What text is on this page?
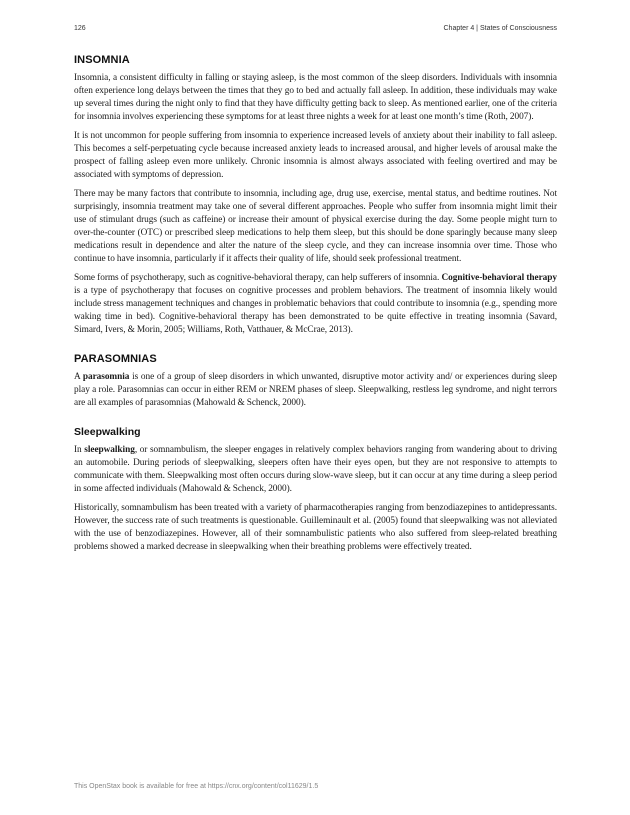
126	Chapter 4 | States of Consciousness
INSOMNIA

Insomnia, a consistent difficulty in falling or staying asleep, is the most common of the sleep disorders. Individuals with insomnia often experience long delays between the times that they go to bed and actually fall asleep. In addition, these individuals may wake up several times during the night only to find that they have difficulty getting back to sleep. As mentioned earlier, one of the criteria for insomnia involves experiencing these symptoms for at least three nights a week for at least one month’s time (Roth, 2007).

It is not uncommon for people suffering from insomnia to experience increased levels of anxiety about their inability to fall asleep. This becomes a self-perpetuating cycle because increased anxiety leads to increased arousal, and higher levels of arousal make the prospect of falling asleep even more unlikely. Chronic insomnia is almost always associated with feeling overtired and may be associated with symptoms of depression.

There may be many factors that contribute to insomnia, including age, drug use, exercise, mental status, and bedtime routines. Not surprisingly, insomnia treatment may take one of several different approaches. People who suffer from insomnia might limit their use of stimulant drugs (such as caffeine) or increase their amount of physical exercise during the day. Some people might turn to over-the-counter (OTC) or prescribed sleep medications to help them sleep, but this should be done sparingly because many sleep medications result in dependence and alter the nature of the sleep cycle, and they can increase insomnia over time. Those who continue to have insomnia, particularly if it affects their quality of life, should seek professional treatment.

Some forms of psychotherapy, such as cognitive-behavioral therapy, can help sufferers of insomnia. Cognitive-behavioral therapy is a type of psychotherapy that focuses on cognitive processes and problem behaviors. The treatment of insomnia likely would include stress management techniques and changes in problematic behaviors that could contribute to insomnia (e.g., spending more waking time in bed). Cognitive-behavioral therapy has been demonstrated to be quite effective in treating insomnia (Savard, Simard, Ivers, & Morin, 2005; Williams, Roth, Vatthauer, & McCrae, 2013).

PARASOMNIAS

A parasomnia is one of a group of sleep disorders in which unwanted, disruptive motor activity and/ or experiences during sleep play a role. Parasomnias can occur in either REM or NREM phases of sleep. Sleepwalking, restless leg syndrome, and night terrors are all examples of parasomnias (Mahowald & Schenck, 2000).

Sleepwalking

In sleepwalking, or somnambulism, the sleeper engages in relatively complex behaviors ranging from wandering about to driving an automobile. During periods of sleepwalking, sleepers often have their eyes open, but they are not responsive to attempts to communicate with them. Sleepwalking most often occurs during slow-wave sleep, but it can occur at any time during a sleep period in some affected individuals (Mahowald & Schenck, 2000).

Historically, somnambulism has been treated with a variety of pharmacotherapies ranging from benzodiazepines to antidepressants. However, the success rate of such treatments is questionable. Guilleminault et al. (2005) found that sleepwalking was not alleviated with the use of benzodiazepines. However, all of their somnambulistic patients who also suffered from sleep-related breathing problems showed a marked decrease in sleepwalking when their breathing problems were effectively treated.

This OpenStax book is available for free at https://cnx.org/content/col11629/1.5
